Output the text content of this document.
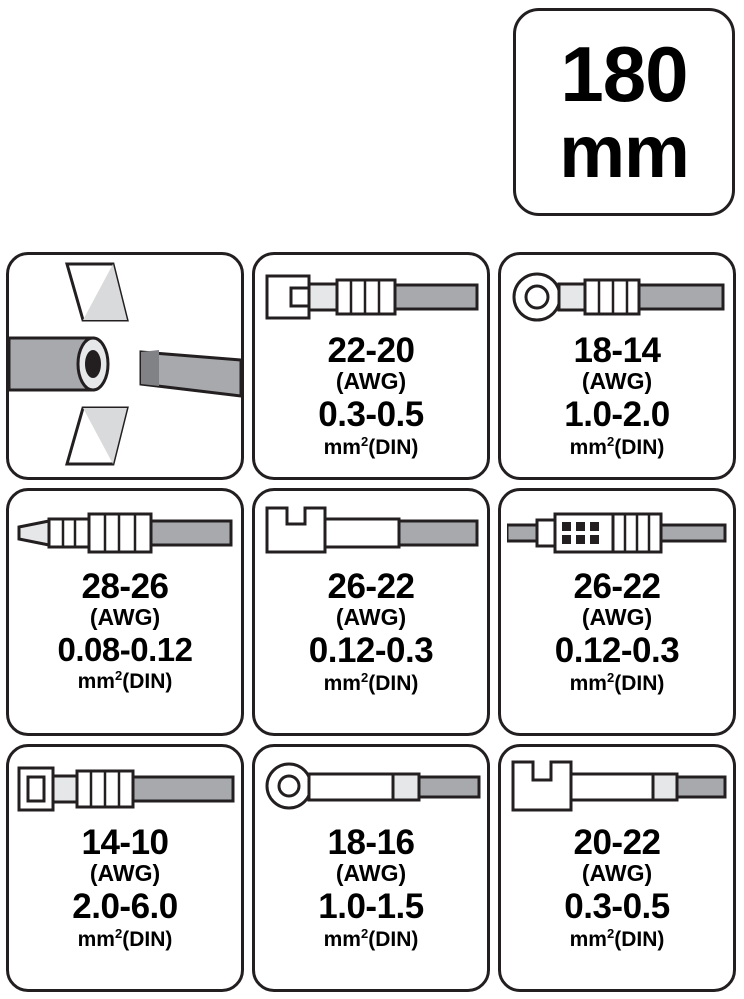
180
mm
22-20
(AWG)
0.3-0.5
$mm^2(DIN)$
18-14
(AWG)
1.0-2.0
$mm^2(DIN)$
28-26
(AWG)
0.08-0.12
$mm^2(DIN)$
26-22
(AWG)
0.12-0.3
$mm^2(DIN)$
26-22
(AWG)
0.12-0.3
$mm^2(DIN)$
14-10
(AWG)
2.0-6.0
$mm^2(DIN)$
18-16
(AWG)
1.0-1.5
$mm^2(DIN)$
20-22
(AWG)
0.3-0.5
$mm^2(DIN)$
